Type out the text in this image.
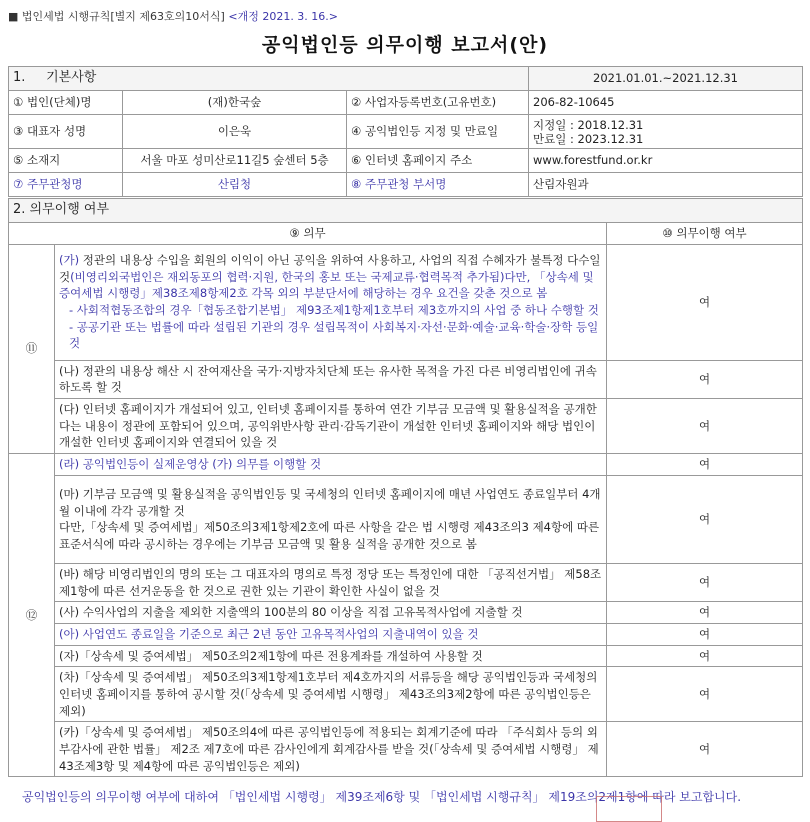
■ 법인세법 시행규칙[별지 제63호의10서식] <개정 2021. 3. 16.>
공익법인등 의무이행 보고서(안)
1. 기본사항			2021.01.01.~2021.12.31
① 법인(단체)명	(재)한국숲	② 사업자등록번호(고유번호)	206-82-10645
③ 대표자 성명	이은욱	④ 공익법인등 지정 및 만료일	지정일 : 2018.12.31
만료일 : 2023.12.31

⑤ 소재지	서울 마포 성미산로11길5 숲센터 5층	⑥ 인터넷 홈페이지 주소	www.forestfund.or.kr
⑦ 주무관청명	산림청	⑧ 주무관청 부서명	산림자원과
2. 의무이행 여부		
⑨ 의무		⑩ 의무이행 여부
⑪	(가) 정관의 내용상 수입을 회원의 이익이 아닌 공익을 위하여 사용하고, 사업의 직접 수혜자가 불특정 다수일 것(비영리외국법인은 재외동포의 협력·지원, 한국의 홍보 또는 국제교류·협력목적 추가됨)다만, 「상속세 및 증여세법 시행령」제38조제8항제2호 각목 외의 부분단서에 해당하는 경우 요건을 갖춘 것으로 봄
- 사회적협동조합의 경우「협동조합기본법」 제93조제1항제1호부터 제3호까지의 사업 중 하나 수행할 것
- 공공기관 또는 법률에 따라 설립된 기관의 경우 설립목적이 사회복지·자선·문화·예술·교육·학술·장학 등일 것	여
	(나) 정관의 내용상 해산 시 잔여재산을 국가·지방자치단체 또는 유사한 목적을 가진 다른 비영리법인에 귀속하도록 할 것	여
	(다) 인터넷 홈페이지가 개설되어 있고, 인터넷 홈페이지를 통하여 연간 기부금 모금액 및 활용실적을 공개한다는 내용이 정관에 포함되어 있으며, 공익위반사항 관리·감독기관이 개설한 인터넷 홈페이지와 해당 법인이 개설한 인터넷 홈페이지와 연결되어 있을 것	여
⑫	(라) 공익법인등이 실제운영상 (가) 의무를 이행할 것	여

	(마) 기부금 모금액 및 활용실적을 공익법인등 및 국세청의 인터넷 홈페이지에 매년 사업연도 종료일부터 4개월 이내에 각각 공개할 것
다만,「상속세 및 증여세법」제50조의3제1항제2호에 따른 사항을 같은 법 시행령 제43조의3 제4항에 따른 표준서식에 따라 공시하는 경우에는 기부금 모금액 및 활용 실적을 공개한 것으로 봄	여
	(바) 해당 비영리법인의 명의 또는 그 대표자의 명의로 특정 정당 또는 특정인에 대한 「공직선거법」 제58조제1항에 따른 선거운동을 한 것으로 권한 있는 기관이 확인한 사실이 없을 것	여
	(사) 수익사업의 지출을 제외한 지출액의 100분의 80 이상을 직접 고유목적사업에 지출할 것	여
	(아) 사업연도 종료일을 기준으로 최근 2년 동안 고유목적사업의 지출내역이 있을 것	여
	(자)「상속세 및 증여세법」 제50조의2제1항에 따른 전용계좌를 개설하여 사용할 것	여
	(차)「상속세 및 증여세법」 제50조의3제1항제1호부터 제4호까지의 서류등을 해당 공익법인등과 국세청의 인터넷 홈페이지를 통하여 공시할 것(「상속세 및 증여세법 시행령」 제43조의3제2항에 따른 공익법인등은 제외)	여
	(카)「상속세 및 증여세법」 제50조의4에 따른 공익법인등에 적용되는 회계기준에 따라 「주식회사 등의 외부감사에 관한 법률」 제2조 제7호에 따른 감사인에게 회계감사를 받을 것(「상속세 및 증여세법 시행령」 제43조제3항 및 제4항에 따른 공익법인등은 제외)	여
공익법인등의 의무이행 여부에 대하여 「법인세법 시행령」 제39조제6항 및 「법인세법 시행규칙」 제19조의2제1항에 따라 보고합니다.
